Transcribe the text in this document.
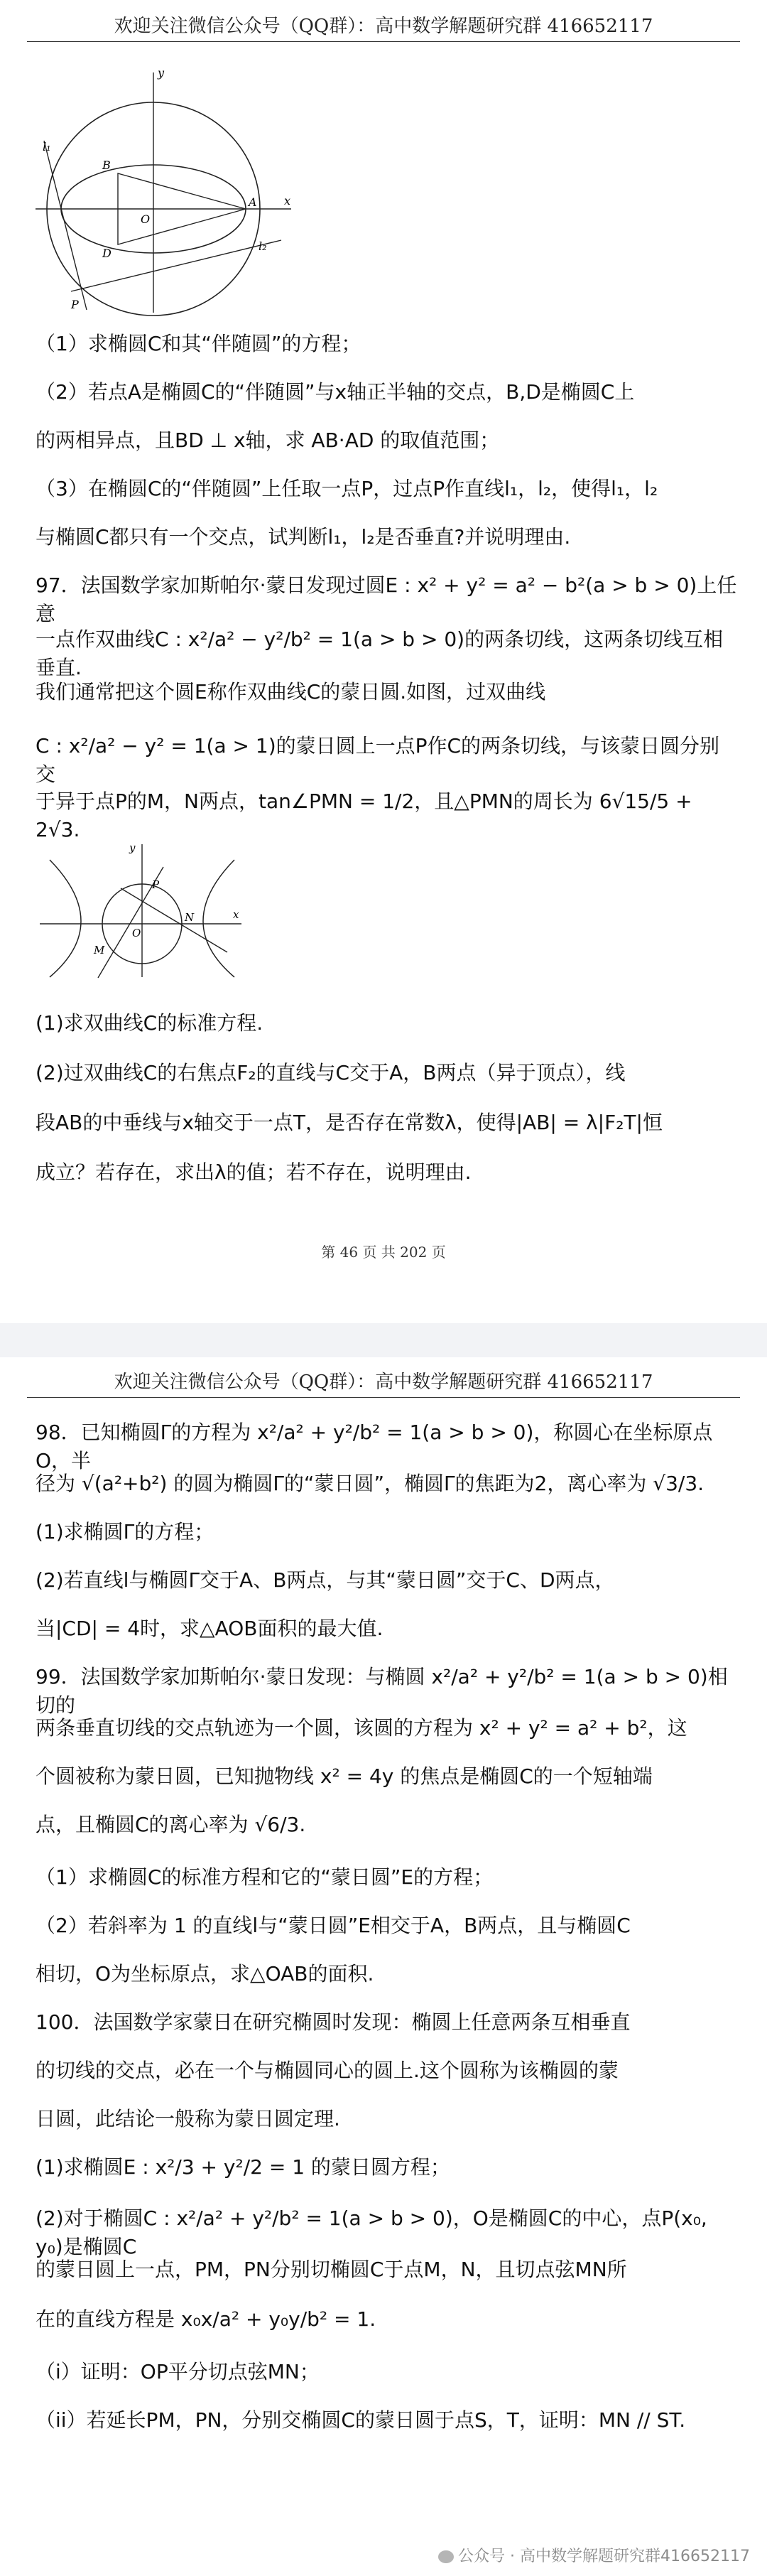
欢迎关注微信公众号（QQ群）：高中数学解题研究群 416652117
y
x
l₁
B
O
A
D
l₂
P
（1）求椭圆C和其“伴随圆”的方程；
（2）若点A是椭圆C的“伴随圆”与x轴正半轴的交点，B,D是椭圆C上
的两相异点，且BD ⊥ x轴，求 AB·AD 的取值范围；
（3）在椭圆C的“伴随圆”上任取一点P，过点P作直线l₁，l₂，使得l₁，l₂
与椭圆C都只有一个交点，试判断l₁，l₂是否垂直?并说明理由.
97．法国数学家加斯帕尔·蒙日发现过圆E : x² + y² = a² − b²(a > b > 0)上任意
一点作双曲线C : x²/a² − y²/b² = 1(a > b > 0)的两条切线，这两条切线互相垂直.
我们通常把这个圆E称作双曲线C的蒙日圆.如图，过双曲线
C : x²/a² − y² = 1(a > 1)的蒙日圆上一点P作C的两条切线，与该蒙日圆分别交
于异于点P的M，N两点，tan∠PMN = 1/2，且△PMN的周长为 6√15/5 + 2√3.
y
x
P
O
N
M
(1)求双曲线C的标准方程.
(2)过双曲线C的右焦点F₂的直线与C交于A，B两点（异于顶点），线
段AB的中垂线与x轴交于一点T，是否存在常数λ，使得|AB| = λ|F₂T|恒
成立？若存在，求出λ的值；若不存在，说明理由.
第 46 页 共 202 页
欢迎关注微信公众号（QQ群）：高中数学解题研究群 416652117
98．已知椭圆Γ的方程为 x²/a² + y²/b² = 1(a > b > 0)，称圆心在坐标原点O，半
径为 √(a²+b²) 的圆为椭圆Γ的“蒙日圆”，椭圆Γ的焦距为2，离心率为 √3/3.
(1)求椭圆Γ的方程；
(2)若直线l与椭圆Γ交于A、B两点，与其“蒙日圆”交于C、D两点，
当|CD| = 4时，求△AOB面积的最大值.
99．法国数学家加斯帕尔·蒙日发现：与椭圆 x²/a² + y²/b² = 1(a > b > 0)相切的
两条垂直切线的交点轨迹为一个圆，该圆的方程为 x² + y² = a² + b²，这
个圆被称为蒙日圆，已知抛物线 x² = 4y 的焦点是椭圆C的一个短轴端
点，且椭圆C的离心率为 √6/3.
（1）求椭圆C的标准方程和它的“蒙日圆”E的方程；
（2）若斜率为 1 的直线l与“蒙日圆”E相交于A，B两点，且与椭圆C
相切，O为坐标原点，求△OAB的面积.
100．法国数学家蒙日在研究椭圆时发现：椭圆上任意两条互相垂直
的切线的交点，必在一个与椭圆同心的圆上.这个圆称为该椭圆的蒙
日圆，此结论一般称为蒙日圆定理.
(1)求椭圆E : x²/3 + y²/2 = 1 的蒙日圆方程；
(2)对于椭圆C : x²/a² + y²/b² = 1(a > b > 0)，O是椭圆C的中心，点P(x₀, y₀)是椭圆C
的蒙日圆上一点，PM，PN分别切椭圆C于点M，N，且切点弦MN所
在的直线方程是 x₀x/a² + y₀y/b² = 1.
（i）证明：OP平分切点弦MN；
（ii）若延长PM，PN，分别交椭圆C的蒙日圆于点S，T，证明：MN // ST.
公众号 · 高中数学解题研究群416652117
